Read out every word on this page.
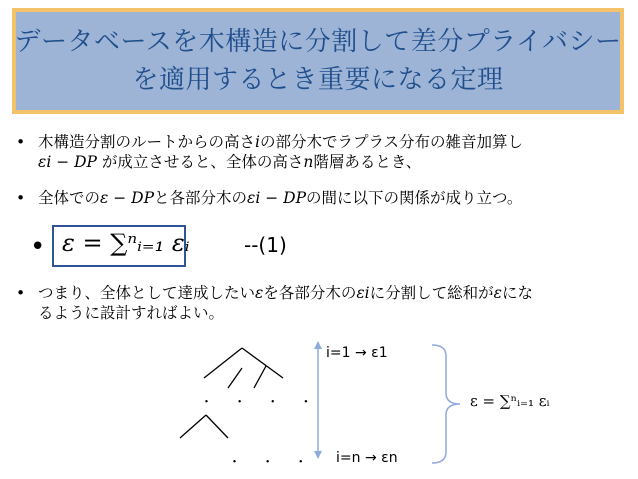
データベースを木構造に分割して差分プライバシー
を適用するとき重要になる定理
• 木構造分割のルートからの高さiの部分木でラプラス分布の雑音加算し
εi − DP が成立させると、全体の高さn階層あるとき、
• 全体でのε − DPと各部分木のεi − DPの間に以下の関係が成り立つ。
• ε = ∑ⁿᵢ₌₁ εᵢ	--(1)
• つまり、全体として達成したいεを各部分木のεiに分割して総和がεにな
るように設計すればよい。
・ ・ ・ ・
・ ・ ・
i=1 → ε1
i=n → εn
ε = ∑ⁿᵢ₌₁ εᵢ
